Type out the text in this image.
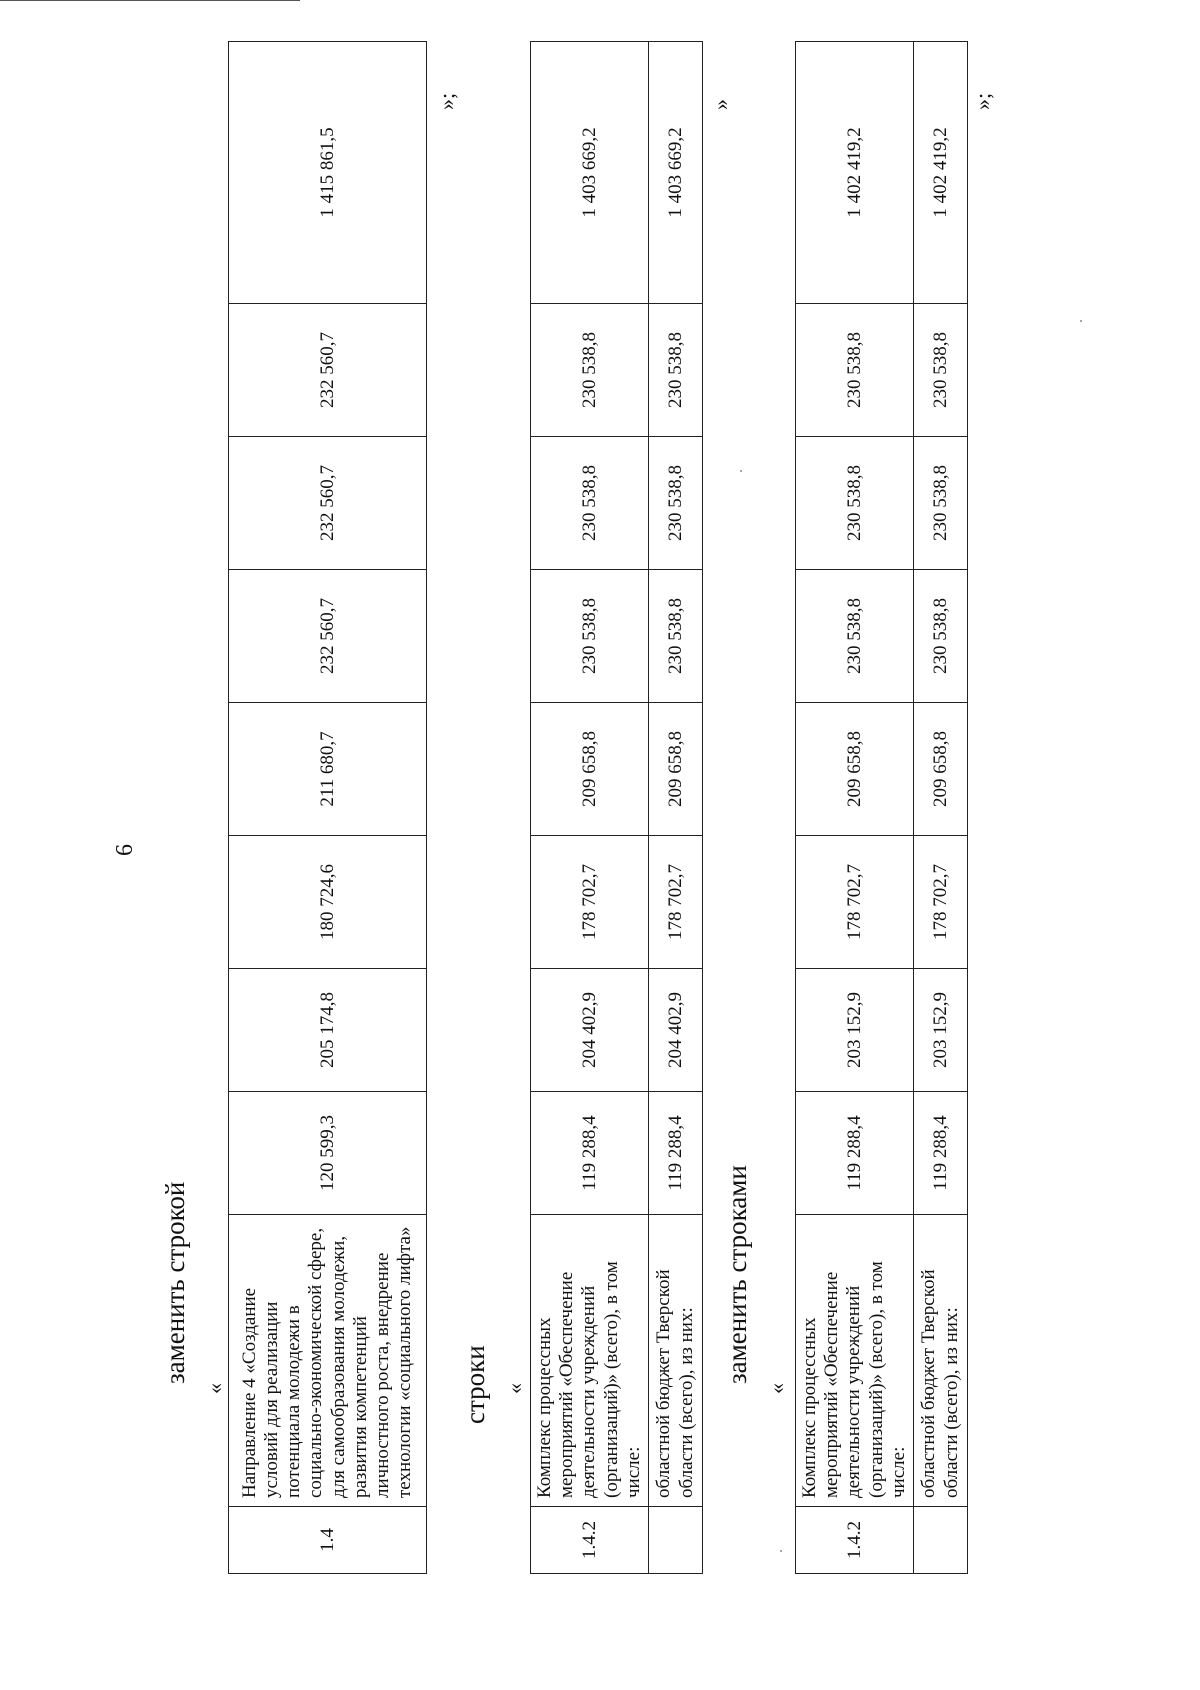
6
заменить строкой
«
1.4	Направление 4 «Создание условий для реализации потенциала молодежи в социально-экономической сфере, для самообразования молодежи, развития компетенций личностного роста, внедрение технологии «социального лифта»	120 599,3	205 174,8	180 724,6	211 680,7	232 560,7	232 560,7	232 560,7	1 415 861,5
»;
строки «
1.4.2	Комплекс процессных мероприятий «Обеспечение деятельности учреждений (организаций)» (всего), в том числе:	119 288,4	204 402,9	178 702,7	209 658,8	230 538,8	230 538,8	230 538,8	1 403 669,2
	областной бюджет Тверской области (всего), из них:	119 288,4	204 402,9	178 702,7	209 658,8	230 538,8	230 538,8	230 538,8	1 403 669,2
»
заменить строками
«
1.4.2	Комплекс процессных мероприятий «Обеспечение деятельности учреждений (организаций)» (всего), в том числе:	119 288,4	203 152,9	178 702,7	209 658,8	230 538,8	230 538,8	230 538,8	1 402 419,2
	областной бюджет Тверской области (всего), из них:	119 288,4	203 152,9	178 702,7	209 658,8	230 538,8	230 538,8	230 538,8	1 402 419,2
»;
